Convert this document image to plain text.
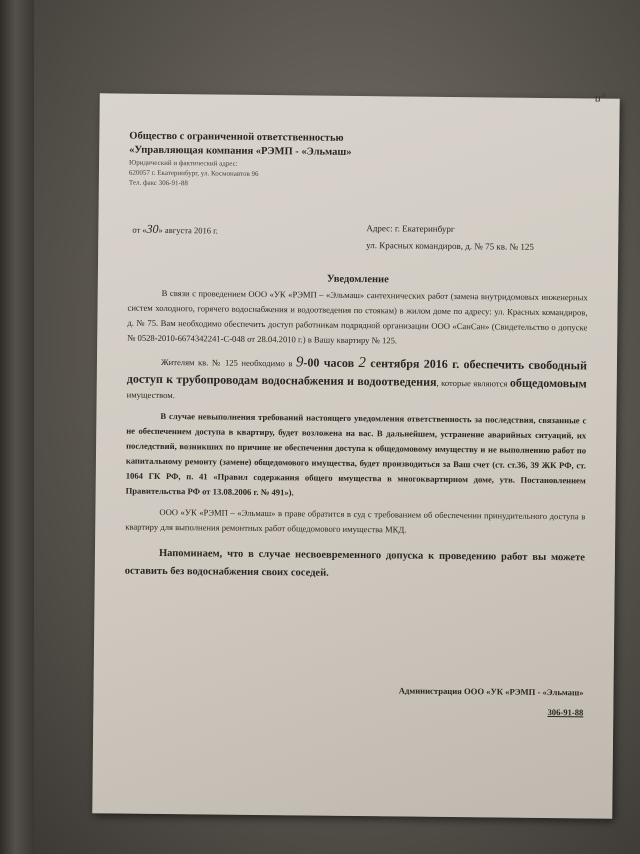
и°
Общество с ограниченной ответственностью
«Управляющая компания «РЭМП - «Эльмаш»
Юридический и фактический адрес:
620057 г. Екатеринбург, ул. Космонавтов 96
Тел. факс 306-91-88
от «30» августа 2016 г.	Адрес: г. Екатеринбург
ул. Красных командиров, д. № 75 кв. № 125
Уведомление

В связи с проведением ООО «УК «РЭМП – «Эльмаш» сантехнических работ (замена внутридомовых инженерных систем холодного, горячего водоснабжения и водоотведения по стоякам) в жилом доме по адресу: ул. Красных командиров, д. № 75. Вам необходимо обеспечить доступ работникам подрядной организации ООО «СанСан» (Свидетельство о допуске № 0528-2010-6674342241-С-048 от 28.04.2010 г.) в Вашу квартиру № 125.

Жителям кв. № 125 необходимо в 9-00 часов 2 сентября 2016 г. обеспечить свободный доступ к трубопроводам водоснабжения и водоотведения, которые являются общедомовым имуществом.

В случае невыполнения требований настоящего уведомления ответственность за последствия, связанные с не обеспечением доступа в квартиру, будет возложена на вас. В дальнейшем, устранение аварийных ситуаций, их последствий, возникших по причине не обеспечения доступа к общедомовому имуществу и не выполнению работ по капитальному ремонту (замене) общедомового имущества, будет производиться за Ваш счет (ст. ст.36, 39 ЖК РФ, ст. 1064 ГК РФ, п. 41 «Правил содержания общего имущества в многоквартирном доме, утв. Постановлением Правительства РФ от 13.08.2006 г. № 491»).

ООО «УК «РЭМП – «Эльмаш» в праве обратится в суд с требованием об обеспечении принудительного доступа в квартиру для выполнения ремонтных работ общедомового имущества МКД.

Напоминаем, что в случае несвоевременного допуска к проведению работ вы можете оставить без водоснабжения своих соседей.

Администрация ООО «УК «РЭМП - «Эльмаш»
306-91-88
